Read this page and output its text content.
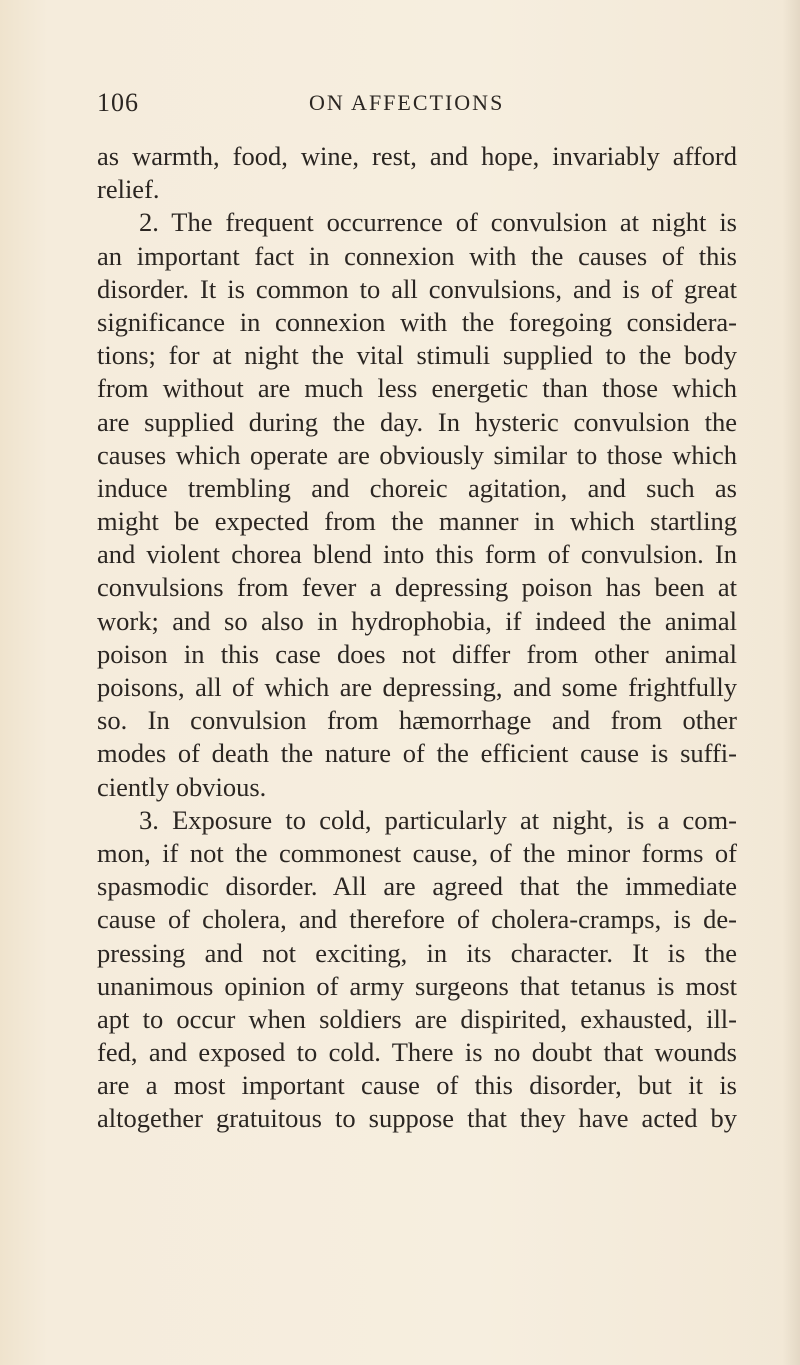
106	ON AFFECTIONS
as warmth, food, wine, rest, and hope, invariably afford
relief.
2. The frequent occurrence of convulsion at night is
an important fact in connexion with the causes of this
disorder. It is common to all convulsions, and is of great
significance in connexion with the foregoing considera-
tions; for at night the vital stimuli supplied to the body
from without are much less energetic than those which
are supplied during the day. In hysteric convulsion the
causes which operate are obviously similar to those which
induce trembling and choreic agitation, and such as
might be expected from the manner in which startling
and violent chorea blend into this form of convulsion. In
convulsions from fever a depressing poison has been at
work; and so also in hydrophobia, if indeed the animal
poison in this case does not differ from other animal
poisons, all of which are depressing, and some frightfully
so. In convulsion from hæmorrhage and from other
modes of death the nature of the efficient cause is suffi-
ciently obvious.
3. Exposure to cold, particularly at night, is a com-
mon, if not the commonest cause, of the minor forms of
spasmodic disorder. All are agreed that the immediate
cause of cholera, and therefore of cholera-cramps, is de-
pressing and not exciting, in its character. It is the
unanimous opinion of army surgeons that tetanus is most
apt to occur when soldiers are dispirited, exhausted, ill-
fed, and exposed to cold. There is no doubt that wounds
are a most important cause of this disorder, but it is
altogether gratuitous to suppose that they have acted by
